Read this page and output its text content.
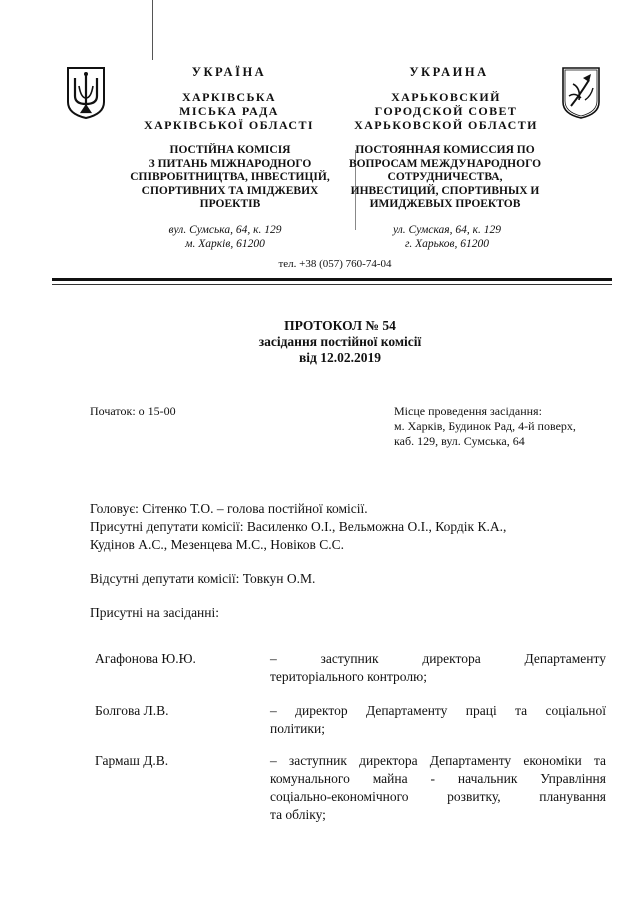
УКРАЇНА
ХАРКІВСЬКА
МІСЬКА РАДА
ХАРКІВСЬКОЇ ОБЛАСТІ
ПОСТІЙНА КОМІСІЯ
З ПИТАНЬ МІЖНАРОДНОГО
СПІВРОБІТНИЦТВА, ІНВЕСТИЦІЙ,
СПОРТИВНИХ ТА ІМІДЖЕВИХ
ПРОЕКТІВ
вул. Сумська, 64, к. 129
м. Харків, 61200
УКРАИНА
ХАРЬКОВСКИЙ
ГОРОДСКОЙ СОВЕТ
ХАРЬКОВСКОЙ ОБЛАСТИ
ПОСТОЯННАЯ КОМИССИЯ ПО
ВОПРОСАМ МЕЖДУНАРОДНОГО
СОТРУДНИЧЕСТВА,
ИНВЕСТИЦИЙ, СПОРТИВНЫХ И
ИМИДЖЕВЫХ ПРОЕКТОВ
ул. Сумская, 64, к. 129
г. Харьков, 61200
тел. +38 (057) 760-74-04
ПРОТОКОЛ № 54
засідання постійної комісії
від 12.02.2019
Початок: о 15-00	Місце проведення засідання:
м. Харків, Будинок Рад, 4-й поверх,
каб. 129, вул. Сумська, 64
Головує: Сітенко Т.О. – голова постійної комісії.
Присутні депутати комісії: Василенко О.І., Вельможна О.І., Кордік К.А.,
Кудінов А.С., Мезенцева М.С., Новіков С.С.
Відсутні депутати комісії: Товкун О.М.
Присутні на засіданні:
Агафонова Ю.Ю.	– заступник директора Департаменту
територіального контролю;
Болгова Л.В.	– директор Департаменту праці та соціальної
політики;
Гармаш Д.В.	– заступник директора Департаменту економіки та
комунального майна - начальник Управління
соціально-економічного розвитку, планування
та обліку;
